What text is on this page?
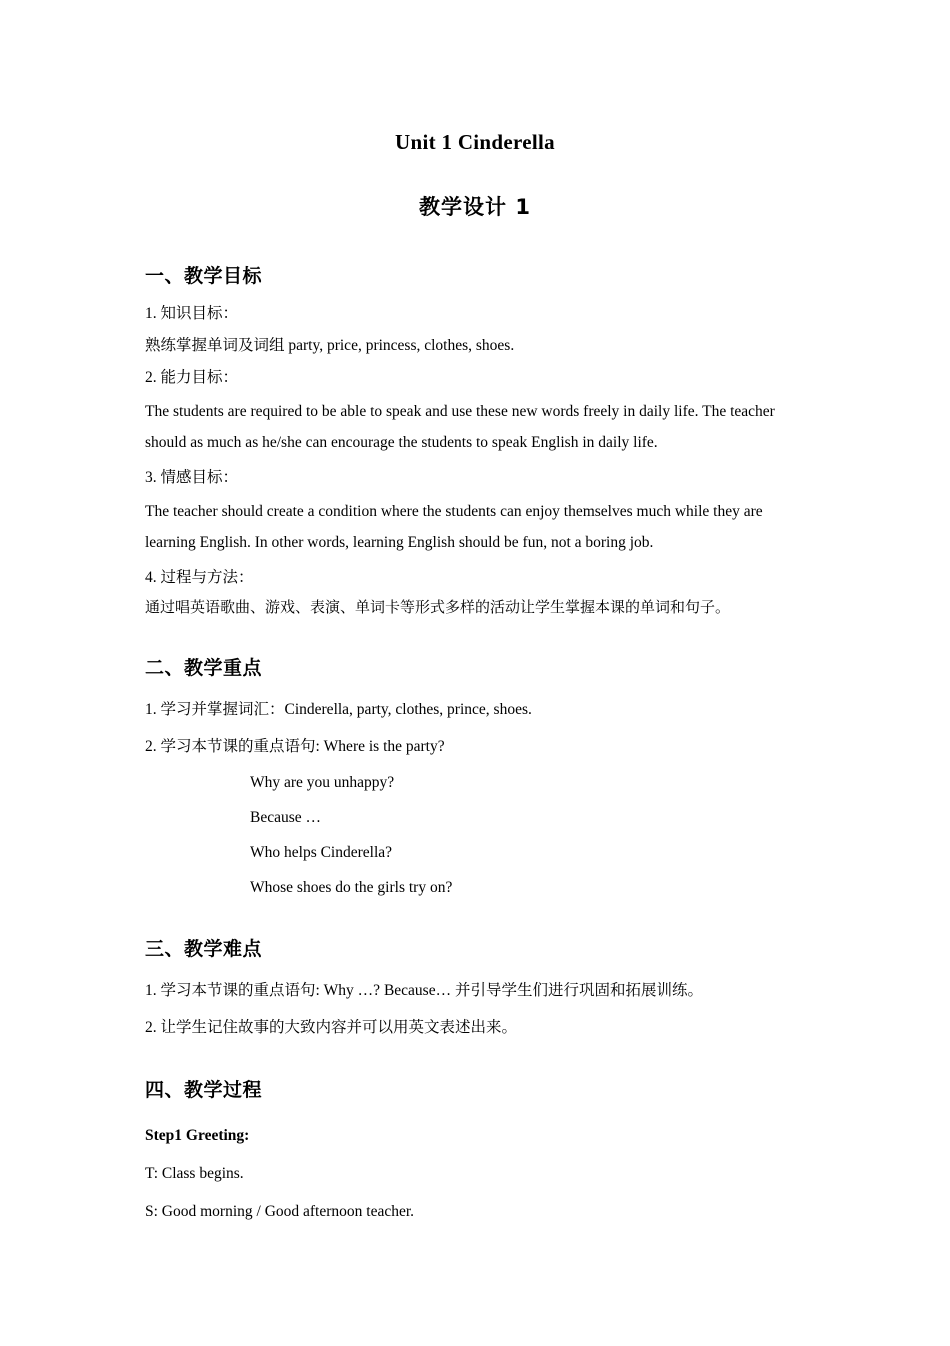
Unit 1 Cinderella
教学设计 1
一、教学目标

1. 知识目标：

熟练掌握单词及词组 party, price, princess, clothes, shoes.

2. 能力目标：

The students are required to be able to speak and use these new words freely in daily life. The teacher should as much as he/she can encourage the students to speak English in daily life.

3. 情感目标：

The teacher should create a condition where the students can enjoy themselves much while they are learning English. In other words, learning English should be fun, not a boring job.

4. 过程与方法：

通过唱英语歌曲、游戏、表演、单词卡等形式多样的活动让学生掌握本课的单词和句子。

二、教学重点

1. 学习并掌握词汇：Cinderella, party, clothes, prince, shoes.

2. 学习本节课的重点语句: Where is the party?

Why are you unhappy?

Because …

Who helps Cinderella?

Whose shoes do the girls try on?

三、教学难点

1. 学习本节课的重点语句: Why …? Because… 并引导学生们进行巩固和拓展训练。

2. 让学生记住故事的大致内容并可以用英文表述出来。

四、教学过程

Step1 Greeting:

T: Class begins.

S: Good morning / Good afternoon teacher.
